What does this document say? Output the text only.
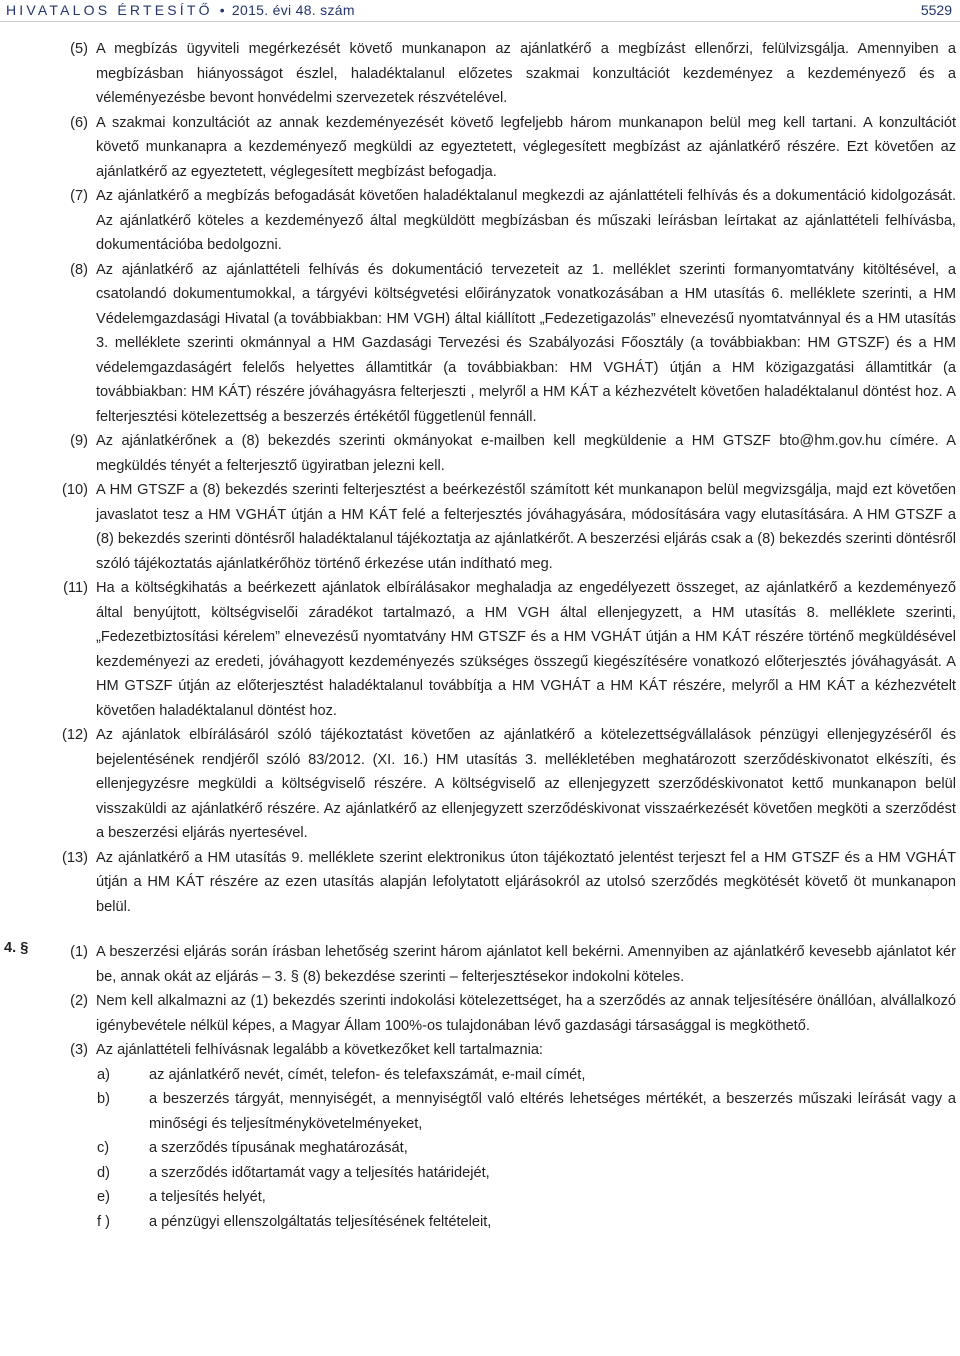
HIVATALOS ÉRTESÍTŐ • 2015. évi 48. szám	5529
(5) A megbízás ügyviteli megérkezését követő munkanapon az ajánlatkérő a megbízást ellenőrzi, felülvizsgálja. Amennyiben a megbízásban hiányosságot észlel, haladéktalanul előzetes szakmai konzultációt kezdeményez a kezdeményező és a véleményezésbe bevont honvédelmi szervezetek részvételével.
(6) A szakmai konzultációt az annak kezdeményezését követő legfeljebb három munkanapon belül meg kell tartani. A konzultációt követő munkanapra a kezdeményező megküldi az egyeztetett, véglegesített megbízást az ajánlatkérő részére. Ezt követően az ajánlatkérő az egyeztetett, véglegesített megbízást befogadja.
(7) Az ajánlatkérő a megbízás befogadását követően haladéktalanul megkezdi az ajánlattételi felhívás és a dokumentáció kidolgozását. Az ajánlatkérő köteles a kezdeményező által megküldött megbízásban és műszaki leírásban leírtakat az ajánlattételi felhívásba, dokumentációba bedolgozni.
(8) Az ajánlatkérő az ajánlattételi felhívás és dokumentáció tervezeteit az 1. melléklet szerinti formanyomtatvány kitöltésével, a csatolandó dokumentumokkal, a tárgyévi költségvetési előirányzatok vonatkozásában a HM utasítás 6. melléklete szerinti, a HM Védelemgazdasági Hivatal (a továbbiakban: HM VGH) által kiállított „Fedezetigazolás” elnevezésű nyomtatvánnyal és a HM utasítás 3. melléklete szerinti okmánnyal a HM Gazdasági Tervezési és Szabályozási Főosztály (a továbbiakban: HM GTSZF) és a HM védelemgazdaságért felelős helyettes államtitkár (a továbbiakban: HM VGHÁT) útján a HM közigazgatási államtitkár (a továbbiakban: HM KÁT) részére jóváhagyásra felterjeszti , melyről a HM KÁT a kézhezvételt követően haladéktalanul döntést hoz. A felterjesztési kötelezettség a beszerzés értékétől függetlenül fennáll.
(9) Az ajánlatkérőnek a (8) bekezdés szerinti okmányokat e-mailben kell megküldenie a HM GTSZF bto@hm.gov.hu címére. A megküldés tényét a felterjesztő ügyiratban jelezni kell.
(10) A HM GTSZF a (8) bekezdés szerinti felterjesztést a beérkezéstől számított két munkanapon belül megvizsgálja, majd ezt követően javaslatot tesz a HM VGHÁT útján a HM KÁT felé a felterjesztés jóváhagyására, módosítására vagy elutasítására. A HM GTSZF a (8) bekezdés szerinti döntésről haladéktalanul tájékoztatja az ajánlatkérőt. A beszerzési eljárás csak a (8) bekezdés szerinti döntésről szóló tájékoztatás ajánlatkérőhöz történő érkezése után indítható meg.
(11) Ha a költségkihatás a beérkezett ajánlatok elbírálásakor meghaladja az engedélyezett összeget, az ajánlatkérő a kezdeményező által benyújtott, költségviselői záradékot tartalmazó, a HM VGH által ellenjegyzett, a HM utasítás 8. melléklete szerinti,„Fedezetbiztosítási kérelem” elnevezésű nyomtatvány HM GTSZF és a HM VGHÁT útján a HM KÁT részére történő megküldésével kezdeményezi az eredeti, jóváhagyott kezdeményezés szükséges összegű kiegészítésére vonatkozó előterjesztés jóváhagyását. A HM GTSZF útján az előterjesztést haladéktalanul továbbítja a HM VGHÁT a HM KÁT részére, melyről a HM KÁT a kézhezvételt követően haladéktalanul döntést hoz.
(12) Az ajánlatok elbírálásáról szóló tájékoztatást követően az ajánlatkérő a kötelezettségvállalások pénzügyi ellenjegyzéséről és bejelentésének rendjéről szóló 83/2012. (XI. 16.) HM utasítás 3. mellékletében meghatározott szerződéskivonatot elkészíti, és ellenjegyzésre megküldi a költségviselő részére. A költségviselő az ellenjegyzett szerződéskivonatot kettő munkanapon belül visszaküldi az ajánlatkérő részére. Az ajánlatkérő az ellenjegyzett szerződéskivonat visszaérkezését követően megköti a szerződést a beszerzési eljárás nyertesével.
(13) Az ajánlatkérő a HM utasítás 9. melléklete szerint elektronikus úton tájékoztató jelentést terjeszt fel a HM GTSZF és a HM VGHÁT útján a HM KÁT részére az ezen utasítás alapján lefolytatott eljárásokról az utolsó szerződés megkötését követő öt munkanapon belül.
4. §	(1) A beszerzési eljárás során írásban lehetőség szerint három ajánlatot kell bekérni. Amennyiben az ajánlatkérő kevesebb ajánlatot kér be, annak okát az eljárás – 3. § (8) bekezdése szerinti – felterjesztésekor indokolni köteles.
(2) Nem kell alkalmazni az (1) bekezdés szerinti indokolási kötelezettséget, ha a szerződés az annak teljesítésére önállóan, alvállalkozó igénybevétele nélkül képes, a Magyar Állam 100%-os tulajdonában lévő gazdasági társasággal is megköthető.
(3) Az ajánlattételi felhívásnak legalább a következőket kell tartalmaznia:
a)	az ajánlatkérő nevét, címét, telefon- és telefaxszámát, e-mail címét,
b)	a beszerzés tárgyát, mennyiségét, a mennyiségtől való eltérés lehetséges mértékét, a beszerzés műszaki leírását vagy a minőségi és teljesítménykövetelményeket,
c)	a szerződés típusának meghatározását,
d)	a szerződés időtartamát vagy a teljesítés határidejét,
e)	a teljesítés helyét,
f )	a pénzügyi ellenszolgáltatás teljesítésének feltételeit,
